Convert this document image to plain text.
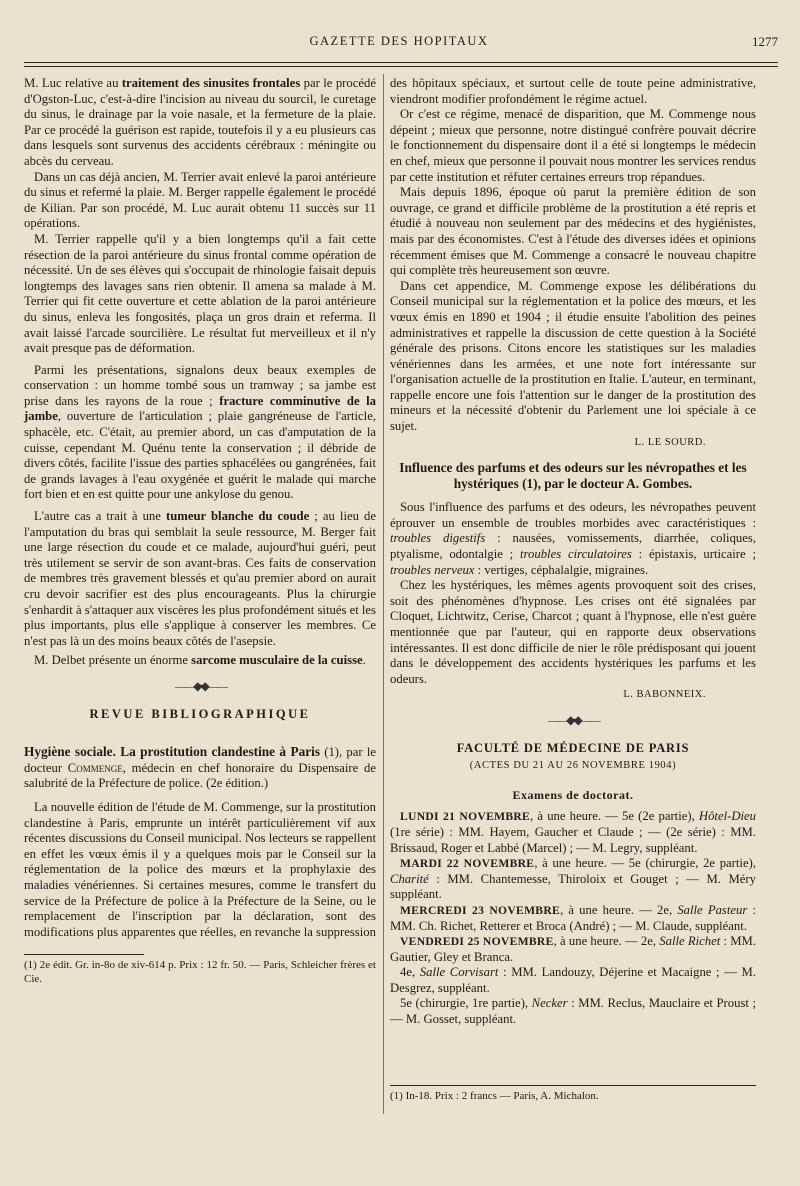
GAZETTE DES HOPITAUX	1277

M. Luc relative au traitement des sinusites frontales par le procédé d'Ogston-Luc, c'est-à-dire l'incision au niveau du sourcil, le curetage du sinus, le drainage par la voie nasale, et la fermeture de la plaie. Par ce procédé la guérison est rapide, toutefois il y a eu plusieurs cas dans lesquels sont survenus des accidents cérébraux : méningite ou abcès du cerveau.

Dans un cas déjà ancien, M. Terrier avait enlevé la paroi antérieure du sinus et refermé la plaie. M. Berger rappelle également le procédé de Kilian. Par son procédé, M. Luc aurait obtenu 11 succès sur 11 opérations.

M. Terrier rappelle qu'il y a bien longtemps qu'il a fait cette résection de la paroi antérieure du sinus frontal comme opération de nécessité. Un de ses élèves qui s'occupait de rhinologie faisait depuis longtemps des lavages sans rien obtenir. Il amena sa malade à M. Terrier qui fit cette ouverture et cette ablation de la paroi antérieure du sinus, enleva les fongosités, plaça un gros drain et referma. Il avait laissé l'arcade sourcilière. Le résultat fut merveilleux et il n'y avait presque pas de déformation.

Parmi les présentations, signalons deux beaux exemples de conservation : un homme tombé sous un tramway ; sa jambe est prise dans les rayons de la roue ; fracture comminutive de la jambe, ouverture de l'articulation ; plaie gangréneuse de l'article, sphacèle, etc. C'était, au premier abord, un cas d'amputation de la cuisse, cependant M. Quénu tente la conservation ; il débride de divers côtés, facilite l'issue des parties sphacélées ou gangrénées, fait de grands lavages à l'eau oxygénée et guérit le malade qui marche fort bien et en est quitte pour une ankylose du genou.

L'autre cas a trait à une tumeur blanche du coude ; au lieu de l'amputation du bras qui semblait la seule ressource, M. Berger fait une large résection du coude et ce malade, aujourd'hui guéri, peut très utilement se servir de son avant-bras. Ces faits de conservation de membres très gravement blessés et qu'au premier abord on aurait cru devoir sacrifier est des plus encourageants. Plus la chirurgie s'enhardit à s'attaquer aux viscères les plus profondément situés et les plus importants, plus elle s'applique à conserver les membres. Ce n'est pas là un des moins beaux côtés de l'asepsie.

M. Delbet présente un énorme sarcome musculaire de la cuisse.

——◆•◆——
REVUE BIBLIOGRAPHIQUE

Hygiène sociale. La prostitution clandestine à Paris (1), par le docteur Commenge, médecin en chef honoraire du Dispensaire de salubrité de la Préfecture de police. (2e édition.)

La nouvelle édition de l'étude de M. Commenge, sur la prostitution clandestine à Paris, emprunte un intérêt particulièrement vif aux récentes discussions du Conseil municipal. Nos lecteurs se rappellent en effet les vœux émis il y a quelques mois par le Conseil sur la réglementation de la police des mœurs et la prophylaxie des maladies vénériennes. Si certaines mesures, comme le transfert du service de la Préfecture de police à la Préfecture de la Seine, ou le remplacement de l'inscription par la déclaration, sont des modifications plus apparentes que réelles, en revanche la suppression

(1) 2e édit. Gr. in-8o de xiv-614 p. Prix : 12 fr. 50. — Paris, Schleicher frères et Cie.

des hôpitaux spéciaux, et surtout celle de toute peine administrative, viendront modifier profondément le régime actuel.

Or c'est ce régime, menacé de disparition, que M. Commenge nous dépeint ; mieux que personne, notre distingué confrère pouvait décrire le fonctionnement du dispensaire dont il a été si longtemps le médecin en chef, mieux que personne il pouvait nous montrer les services rendus par cette institution et réfuter certaines erreurs trop répandues.

Mais depuis 1896, époque où parut la première édition de son ouvrage, ce grand et difficile problème de la prostitution a été repris et étudié à nouveau non seulement par des médecins et des hygiénistes, mais par des économistes. C'est à l'étude des diverses idées et opinions récemment émises que M. Commenge a consacré le nouveau chapitre qui complète très heureusement son œuvre.

Dans cet appendice, M. Commenge expose les délibérations du Conseil municipal sur la réglementation et la police des mœurs, et les vœux émis en 1890 et 1904 ; il étudie ensuite l'abolition des peines administratives et rappelle la discussion de cette question à la Société générale des prisons. Citons encore les statistiques sur les maladies vénériennes dans les armées, et une note fort intéressante sur l'organisation actuelle de la prostitution en Italie. L'auteur, en terminant, rappelle encore une fois l'attention sur le danger de la prostitution des mineurs et la nécessité d'obtenir du Parlement une loi spéciale à ce sujet.

L. LE SOURD.
Influence des parfums et des odeurs sur les névropathes et les hystériques (1), par le docteur A. Gombes.

Sous l'influence des parfums et des odeurs, les névropathes peuvent éprouver un ensemble de troubles morbides avec caractéristiques : troubles digestifs : nausées, vomissements, diarrhée, coliques, ptyalisme, odontalgie ; troubles circulatoires : épistaxis, urticaire ; troubles nerveux : vertiges, céphalalgie, migraines.

Chez les hystériques, les mêmes agents provoquent soit des crises, soit des phénomènes d'hypnose. Les crises ont été signalées par Cloquet, Lichtwitz, Cerise, Charcot ; quant à l'hypnose, elle n'est guère mentionnée que par l'auteur, qui en rapporte deux observations intéressantes. Il est donc difficile de nier le rôle prédisposant qui jouent dans le développement des accidents hystériques les parfums et les odeurs.

L. BABONNEIX.
——◆•◆——
FACULTÉ DE MÉDECINE DE PARIS
(ACTES DU 21 AU 26 NOVEMBRE 1904)
Examens de doctorat.

LUNDI 21 NOVEMBRE, à une heure. — 5e (2e partie), Hôtel-Dieu (1re série) : MM. Hayem, Gaucher et Claude ; — (2e série) : MM. Brissaud, Roger et Labbé (Marcel) ; — M. Legry, suppléant.

MARDI 22 NOVEMBRE, à une heure. — 5e (chirurgie, 2e partie), Charité : MM. Chantemesse, Thiroloix et Gouget ; — M. Méry suppléant.

MERCREDI 23 NOVEMBRE, à une heure. — 2e, Salle Pasteur : MM. Ch. Richet, Retterer et Broca (André) ; — M. Claude, suppléant.

VENDREDI 25 NOVEMBRE, à une heure. — 2e, Salle Richet : MM. Gautier, Gley et Branca.

4e, Salle Corvisart : MM. Landouzy, Déjerine et Macaigne ; — M. Desgrez, suppléant.

5e (chirurgie, 1re partie), Necker : MM. Reclus, Mauclaire et Proust ; — M. Gosset, suppléant.

(1) In-18. Prix : 2 francs — Paris, A. Michalon.
